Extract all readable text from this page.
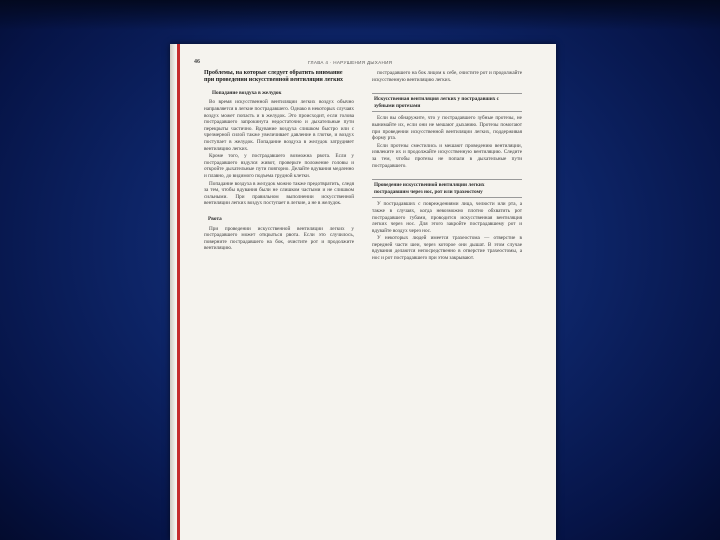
46	ГЛАВА 4 · НАРУШЕНИЯ ДЫХАНИЯ
Проблемы, на которые следует обратить внимание при проведении искусственной вентиляции легких
Попадание воздуха в желудок

Во время искусственной вентиляции легких воздух обычно направляется в легкие пострадавшего. Однако в некоторых случаях воздух может попасть и в желудок. Это происходит, если голова пострадавшего запрокинута недостаточно и дыхательные пути перекрыты частично. Вдувание воздуха слишком быстро или с чрезмерной силой также увеличивает давление в глотке, и воздух поступает в желудок. Попадание воздуха в желудок затрудняет вентиляцию легких.

Кроме того, у пострадавшего возможна рвота. Если у пострадавшего вздулся живот, проверьте положение головы и откройте дыхательные пути повторно. Делайте вдувания медленно и плавно, до видимого подъема грудной клетки.

Попадание воздуха в желудок можно также предотвратить, следя за тем, чтобы вдувания были не слишком частыми и не слишком сильными. При правильном выполнении искусственной вентиляции легких воздух поступает в легкие, а не в желудок.

Рвота

При проведении искусственной вентиляции легких у пострадавшего может открыться рвота. Если это случилось, поверните пострадавшего на бок, очистите рот и продолжите вентиляцию.

пострадавшего на бок лицом к себе, очистите рот и продолжайте искусственную вентиляцию легких.

Искусственная вентиляция легких у пострадавших с зубными протезами

Если вы обнаружите, что у пострадавшего зубные протезы, не вынимайте их, если они не мешают дыханию. Протезы помогают при проведении искусственной вентиляции легких, поддерживая форму рта.

Если протезы сместились и мешают проведению вентиляции, извлеките их и продолжайте искусственную вентиляцию. Следите за тем, чтобы протезы не попали в дыхательные пути пострадавшего.

Проведение искусственной вентиляции легких пострадавшим через нос, рот или трахеостому

У пострадавших с повреждениями лица, челюсти или рта, а также в случаях, когда невозможно плотно обхватить рот пострадавшего губами, проводится искусственная вентиляция легких через нос. Для этого закройте пострадавшему рот и вдувайте воздух через нос.

У некоторых людей имеется трахеостома — отверстие в передней части шеи, через которое они дышат. В этом случае вдувания делаются непосредственно в отверстие трахеостомы, а нос и рот пострадавшего при этом закрывают.
